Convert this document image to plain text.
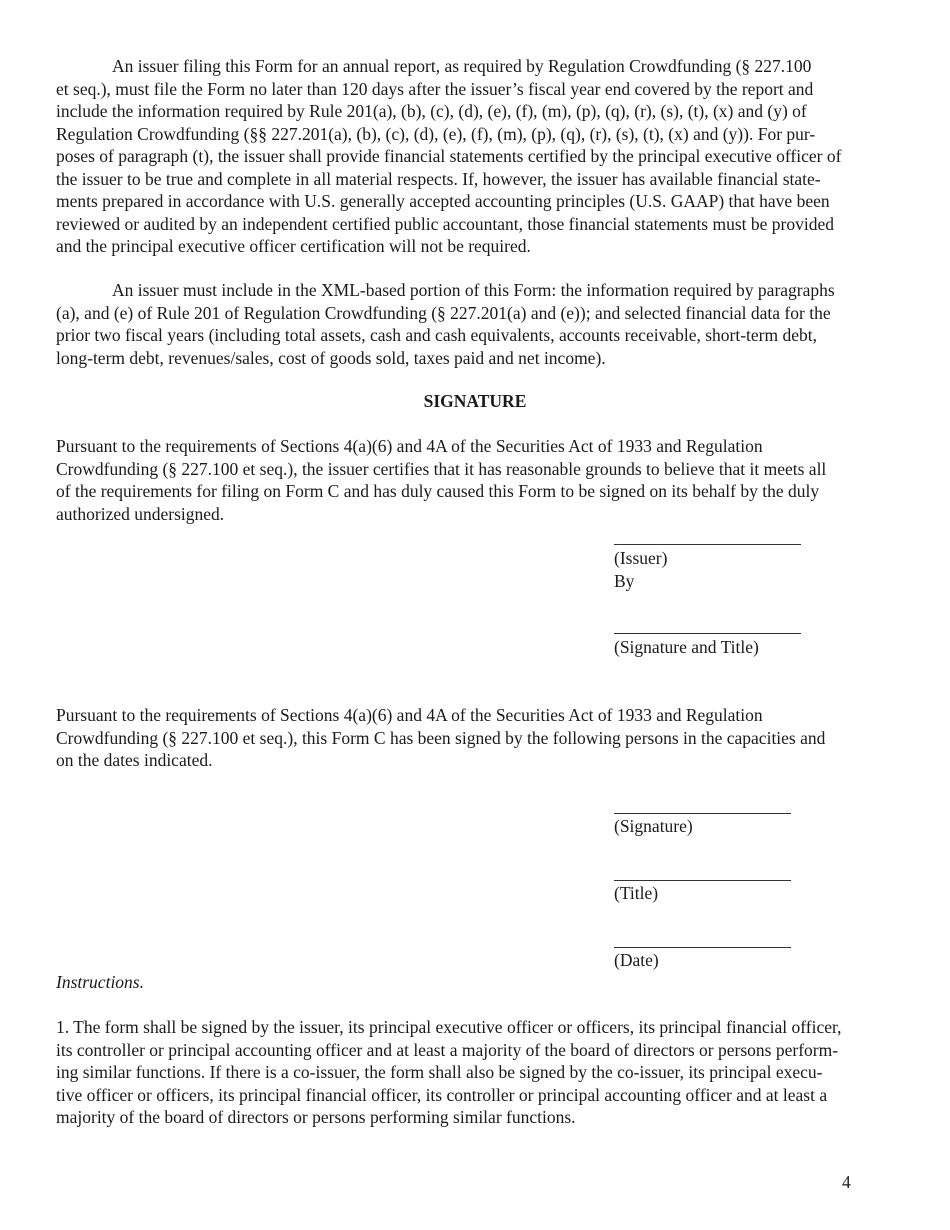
An issuer filing this Form for an annual report, as required by Regulation Crowdfunding (§ 227.100
et seq.), must file the Form no later than 120 days after the issuer’s fiscal year end covered by the report and
include the information required by Rule 201(a), (b), (c), (d), (e), (f), (m), (p), (q), (r), (s), (t), (x) and (y) of
Regulation Crowdfunding (§§ 227.201(a), (b), (c), (d), (e), (f), (m), (p), (q), (r), (s), (t), (x) and (y)). For pur-
poses of paragraph (t), the issuer shall provide financial statements certified by the principal executive officer of
the issuer to be true and complete in all material respects. If, however, the issuer has available financial state-
ments prepared in accordance with U.S. generally accepted accounting principles (U.S. GAAP) that have been
reviewed or audited by an independent certified public accountant, those financial statements must be provided
and the principal executive officer certification will not be required.
An issuer must include in the XML-based portion of this Form: the information required by paragraphs
(a), and (e) of Rule 201 of Regulation Crowdfunding (§ 227.201(a) and (e)); and selected financial data for the
prior two fiscal years (including total assets, cash and cash equivalents, accounts receivable, short-term debt,
long-term debt, revenues/sales, cost of goods sold, taxes paid and net income).
SIGNATURE
Pursuant to the requirements of Sections 4(a)(6) and 4A of the Securities Act of 1933 and Regulation
Crowdfunding (§ 227.100 et seq.), the issuer certifies that it has reasonable grounds to believe that it meets all
of the requirements for filing on Form C and has duly caused this Form to be signed on its behalf by the duly
authorized undersigned.
(Issuer)
By
(Signature and Title)
Pursuant to the requirements of Sections 4(a)(6) and 4A of the Securities Act of 1933 and Regulation
Crowdfunding (§ 227.100 et seq.), this Form C has been signed by the following persons in the capacities and
on the dates indicated.
(Signature)
(Title)
(Date)
Instructions.
1. The form shall be signed by the issuer, its principal executive officer or officers, its principal financial officer,
its controller or principal accounting officer and at least a majority of the board of directors or persons perform-
ing similar functions. If there is a co-issuer, the form shall also be signed by the co-issuer, its principal execu-
tive officer or officers, its principal financial officer, its controller or principal accounting officer and at least a
majority of the board of directors or persons performing similar functions.
4
